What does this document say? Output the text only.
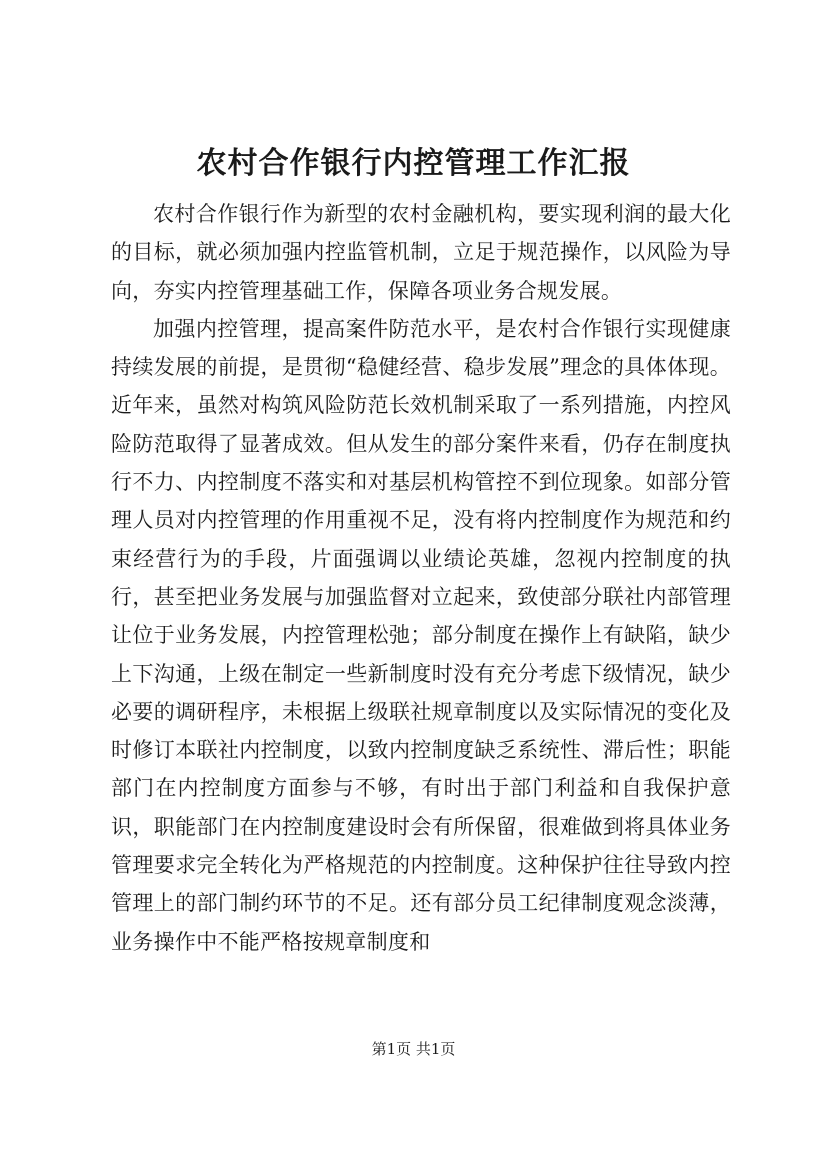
农村合作银行内控管理工作汇报

农村合作银行作为新型的农村金融机构，要实现利润的最大化的目标，就必须加强内控监管机制，立足于规范操作，以风险为导向，夯实内控管理基础工作，保障各项业务合规发展。

加强内控管理，提高案件防范水平，是农村合作银行实现健康持续发展的前提，是贯彻“稳健经营、稳步发展”理念的具体体现。近年来，虽然对构筑风险防范长效机制采取了一系列措施，内控风险防范取得了显著成效。但从发生的部分案件来看，仍存在制度执行不力、内控制度不落实和对基层机构管控不到位现象。如部分管理人员对内控管理的作用重视不足，没有将内控制度作为规范和约束经营行为的手段，片面强调以业绩论英雄，忽视内控制度的执行，甚至把业务发展与加强监督对立起来，致使部分联社内部管理让位于业务发展，内控管理松弛；部分制度在操作上有缺陷，缺少上下沟通，上级在制定一些新制度时没有充分考虑下级情况，缺少必要的调研程序，未根据上级联社规章制度以及实际情况的变化及时修订本联社内控制度，以致内控制度缺乏系统性、滞后性；职能部门在内控制度方面参与不够，有时出于部门利益和自我保护意识，职能部门在内控制度建设时会有所保留，很难做到将具体业务管理要求完全转化为严格规范的内控制度。这种保护往往导致内控管理上的部门制约环节的不足。还有部分员工纪律制度观念淡薄，业务操作中不能严格按规章制度和

第1页 共1页
